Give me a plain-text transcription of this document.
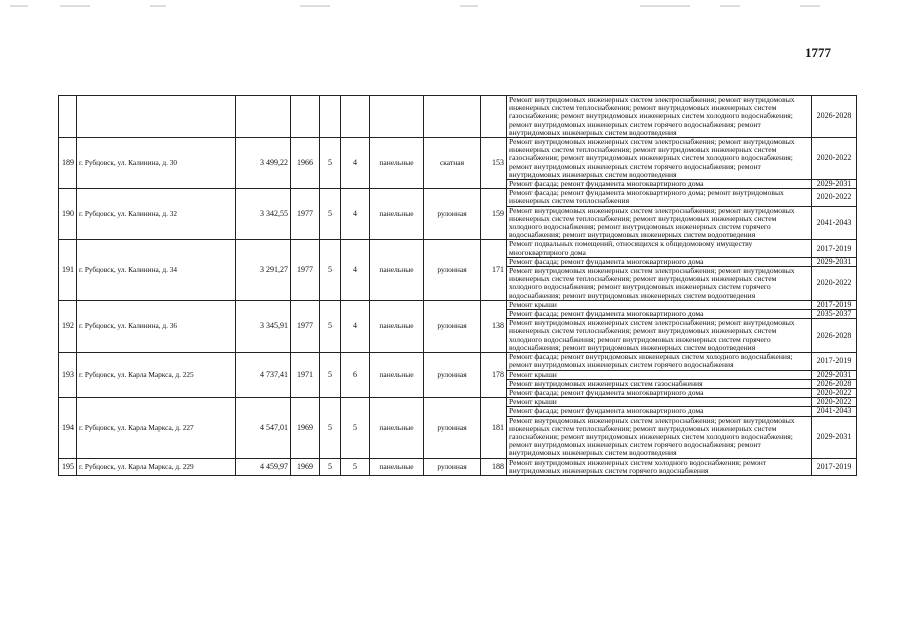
1777
									Ремонт внутридомовых инженерных систем электроснабжения; ремонт внутридомовых инженерных систем теплоснабжения; ремонт внутридомовых инженерных систем газоснабжения; ремонт внутридомовых инженерных систем холодного водоснабжения; ремонт внутридомовых инженерных систем горячего водоснабжения; ремонт внутридомовых инженерных систем водоотведения	2026-2028
189	г. Рубцовск, ул. Калинина, д. 30	3 499,22	1966	5	4	панельные	скатная	153	Ремонт внутридомовых инженерных систем электроснабжения; ремонт внутридомовых инженерных систем теплоснабжения; ремонт внутридомовых инженерных систем газоснабжения; ремонт внутридомовых инженерных систем холодного водоснабжения; ремонт внутридомовых инженерных систем горячего водоснабжения; ремонт внутридомовых инженерных систем водоотведения	2020-2022
									Ремонт фасада; ремонт фундамента многоквартирного дома	2029-2031
190	г. Рубцовск, ул. Калинина, д. 32	3 342,55	1977	5	4	панельные	рулонная	159	Ремонт фасада; ремонт фундамента многоквартирного дома; ремонт внутридомовых инженерных систем теплоснабжения	2020-2022
									Ремонт внутридомовых инженерных систем электроснабжения; ремонт внутридомовых инженерных систем теплоснабжения; ремонт внутридомовых инженерных систем холодного водоснабжения; ремонт внутридомовых инженерных систем горячего водоснабжения; ремонт внутридомовых инженерных систем водоотведения	2041-2043
191	г. Рубцовск, ул. Калинина, д. 34	3 291,27	1977	5	4	панельные	рулонная	171	Ремонт подвальных помещений, относящихся к общедомовому имуществу многоквартирного дома	2017-2019
									Ремонт фасада; ремонт фундамента многоквартирного дома	2029-2031
									Ремонт внутридомовых инженерных систем электроснабжения; ремонт внутридомовых инженерных систем теплоснабжения; ремонт внутридомовых инженерных систем холодного водоснабжения; ремонт внутридомовых инженерных систем горячего водоснабжения; ремонт внутридомовых инженерных систем водоотведения	2020-2022
192	г. Рубцовск, ул. Калинина, д. 36	3 345,91	1977	5	4	панельные	рулонная	138	Ремонт крыши	2017-2019
									Ремонт фасада; ремонт фундамента многоквартирного дома	2035-2037
									Ремонт внутридомовых инженерных систем электроснабжения; ремонт внутридомовых инженерных систем теплоснабжения; ремонт внутридомовых инженерных систем холодного водоснабжения; ремонт внутридомовых инженерных систем горячего водоснабжения; ремонт внутридомовых инженерных систем водоотведения	2026-2028
193	г. Рубцовск, ул. Карла Маркса, д. 225	4 737,41	1971	5	6	панельные	рулонная	178	Ремонт фасада; ремонт внутридомовых инженерных систем холодного водоснабжения; ремонт внутридомовых инженерных систем горячего водоснабжения	2017-2019
									Ремонт крыши	2029-2031
									Ремонт внутридомовых инженерных систем газоснабжения	2026-2028
									Ремонт фасада; ремонт фундамента многоквартирного дома	2020-2022
194	г. Рубцовск, ул. Карла Маркса, д. 227	4 547,01	1969	5	5	панельные	рулонная	181	Ремонт крыши	2020-2022
									Ремонт фасада; ремонт фундамента многоквартирного дома	2041-2043
									Ремонт внутридомовых инженерных систем электроснабжения; ремонт внутридомовых инженерных систем теплоснабжения; ремонт внутридомовых инженерных систем газоснабжения; ремонт внутридомовых инженерных систем холодного водоснабжения; ремонт внутридомовых инженерных систем горячего водоснабжения; ремонт внутридомовых инженерных систем водоотведения	2029-2031
195	г. Рубцовск, ул. Карла Маркса, д. 229	4 459,97	1969	5	5	панельные	рулонная	188	Ремонт внутридомовых инженерных систем холодного водоснабжения; ремонт внутридомовых инженерных систем горячего водоснабжения	2017-2019
